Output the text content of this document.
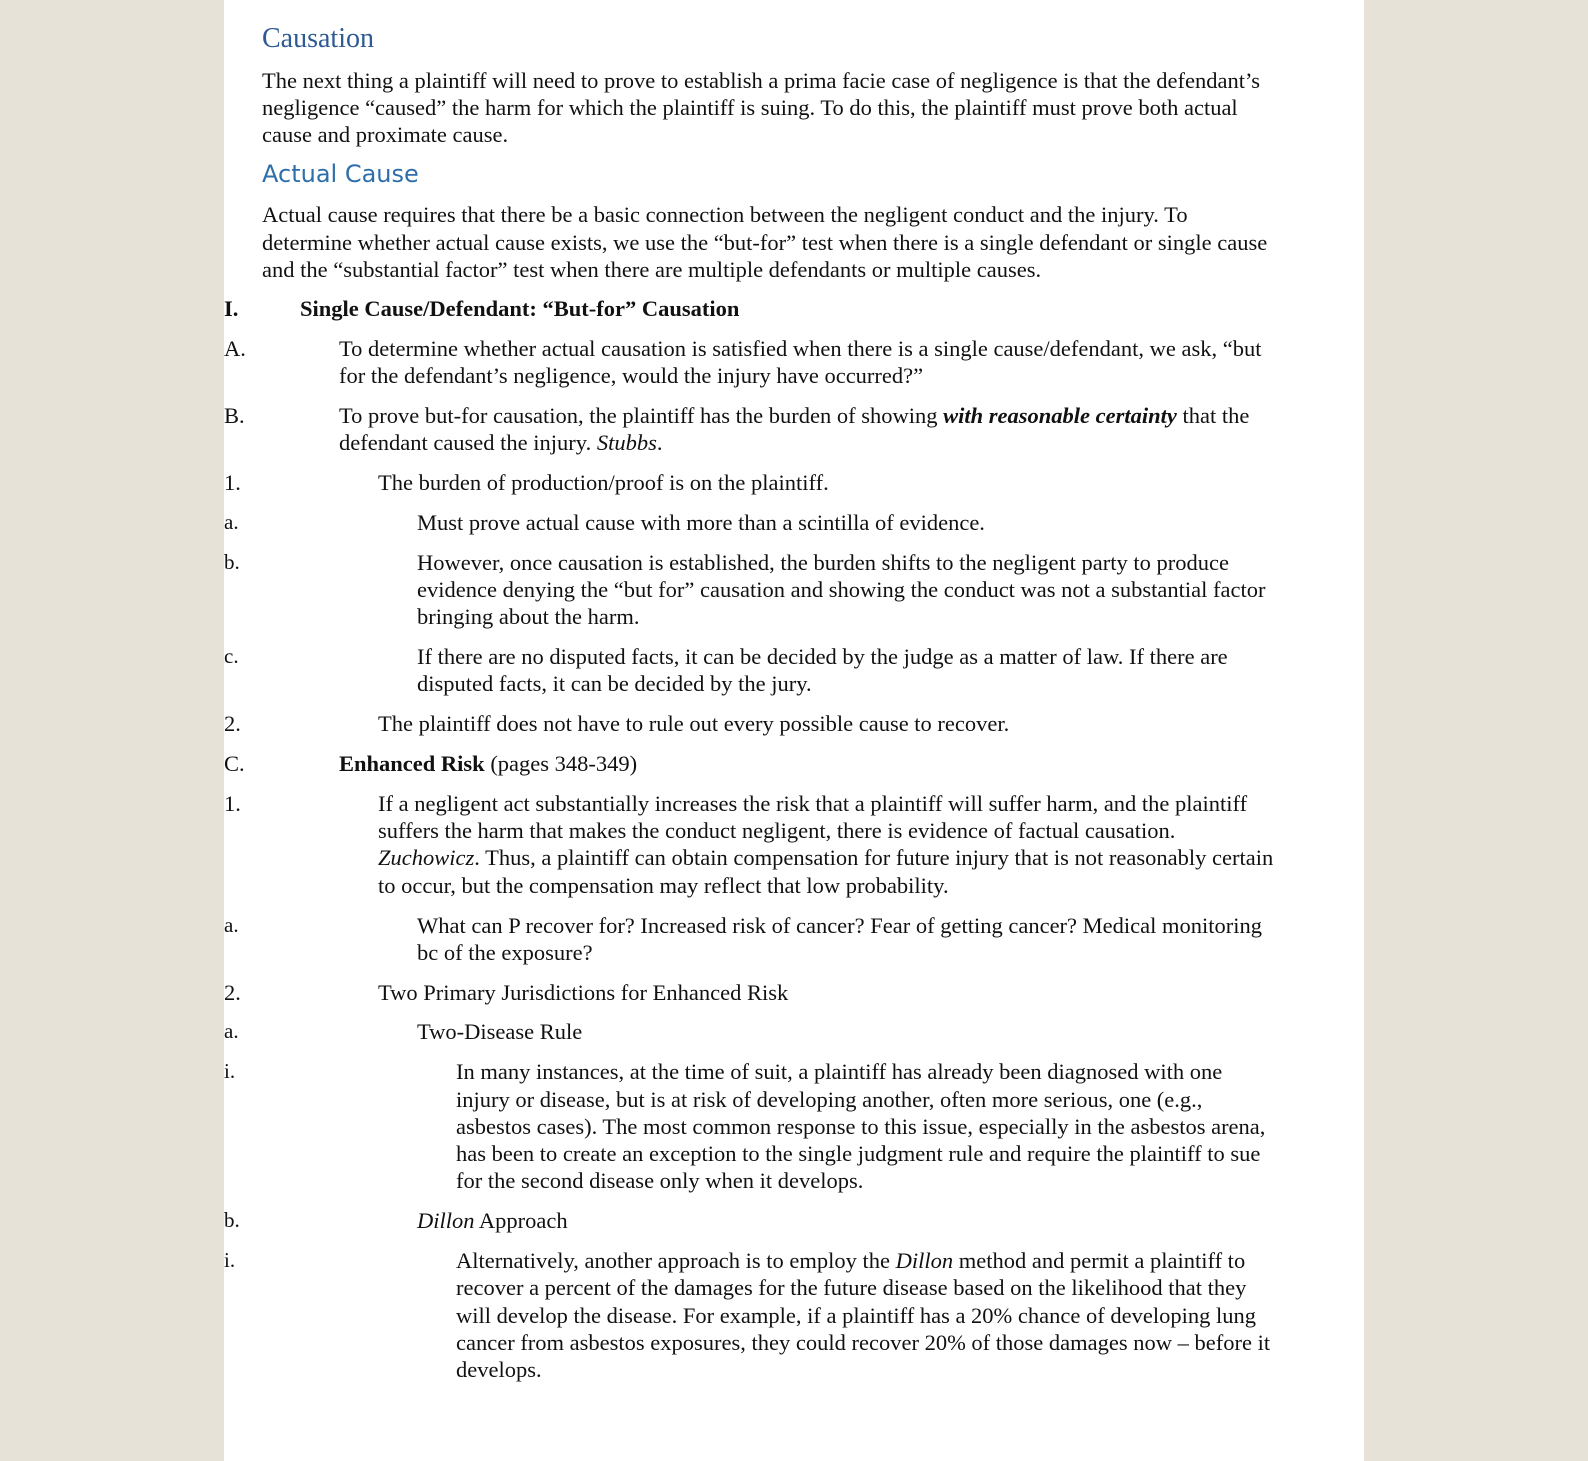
Causation
The next thing a plaintiff will need to prove to establish a prima facie case of negligence is that the defendant’s negligence “caused” the harm for which the plaintiff is suing. To do this, the plaintiff must prove both actual cause and proximate cause.
Actual Cause
Actual cause requires that there be a basic connection between the negligent conduct and the injury. To determine whether actual cause exists, we use the “but-for” test when there is a single defendant or single cause and the “substantial factor” test when there are multiple defendants or multiple causes.
I.	Single Cause/Defendant: “But-for” Causation
A.	To determine whether actual causation is satisfied when there is a single cause/defendant, we ask, “but for the defendant’s negligence, would the injury have occurred?”
B.	To prove but-for causation, the plaintiff has the burden of showing with reasonable certainty that the defendant caused the injury. Stubbs.
1.	The burden of production/proof is on the plaintiff.
a.	Must prove actual cause with more than a scintilla of evidence.
b.	However, once causation is established, the burden shifts to the negligent party to produce evidence denying the “but for” causation and showing the conduct was not a substantial factor bringing about the harm.
c.	If there are no disputed facts, it can be decided by the judge as a matter of law. If there are disputed facts, it can be decided by the jury.
2.	The plaintiff does not have to rule out every possible cause to recover.
C.	Enhanced Risk (pages 348-349)
1.	If a negligent act substantially increases the risk that a plaintiff will suffer harm, and the plaintiff suffers the harm that makes the conduct negligent, there is evidence of factual causation. Zuchowicz. Thus, a plaintiff can obtain compensation for future injury that is not reasonably certain to occur, but the compensation may reflect that low probability.
a.	What can P recover for? Increased risk of cancer? Fear of getting cancer? Medical monitoring bc of the exposure?
2.	Two Primary Jurisdictions for Enhanced Risk
a.	Two-Disease Rule
i.	In many instances, at the time of suit, a plaintiff has already been diagnosed with one injury or disease, but is at risk of developing another, often more serious, one (e.g., asbestos cases). The most common response to this issue, especially in the asbestos arena, has been to create an exception to the single judgment rule and require the plaintiff to sue for the second disease only when it develops.
b.	Dillon Approach
i.	Alternatively, another approach is to employ the Dillon method and permit a plaintiff to recover a percent of the damages for the future disease based on the likelihood that they will develop the disease. For example, if a plaintiff has a 20% chance of developing lung cancer from asbestos exposures, they could recover 20% of those damages now – before it develops.
